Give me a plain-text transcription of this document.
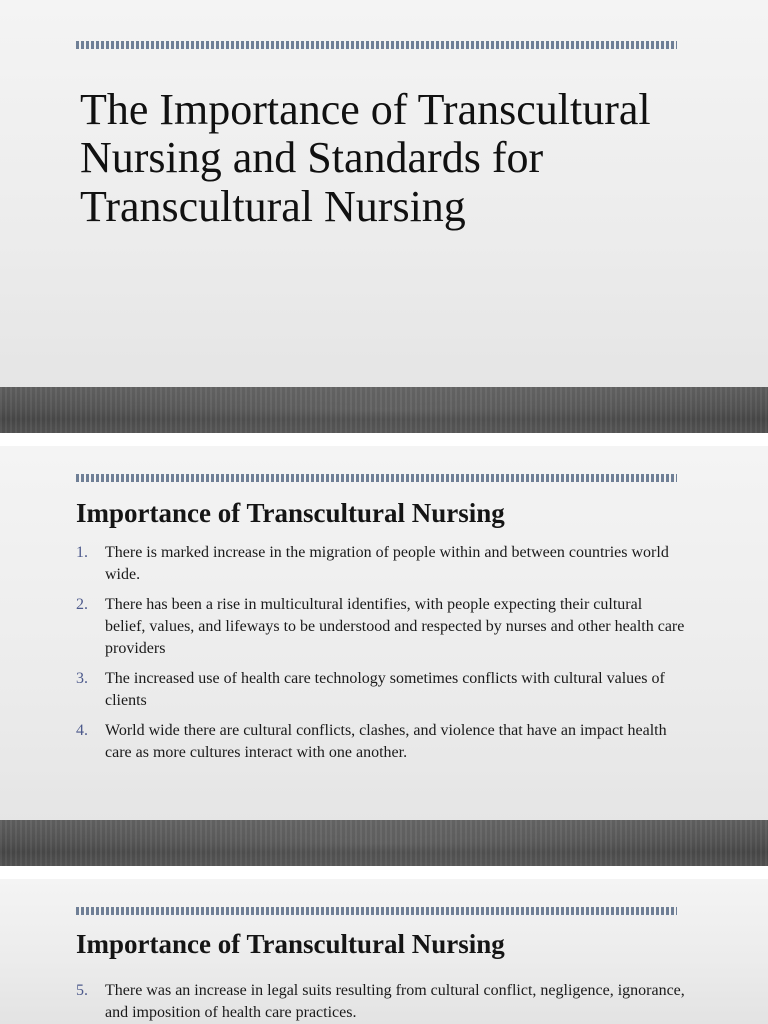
The Importance of Transcultural Nursing and Standards for Transcultural Nursing
Importance of Transcultural Nursing
1.	There is marked increase in the migration of people within and between countries world wide.
2.	There has been a rise in multicultural identifies, with people expecting their cultural belief, values, and lifeways to be understood and respected by nurses and other health care providers
3.	The increased use of health care technology sometimes conflicts with cultural values of clients
4.	World wide there are cultural conflicts, clashes, and violence that have an impact health care as more cultures interact with one another.
Importance of Transcultural Nursing
5.	There was an increase in legal suits resulting from cultural conflict, negligence, ignorance, and imposition of health care practices.
